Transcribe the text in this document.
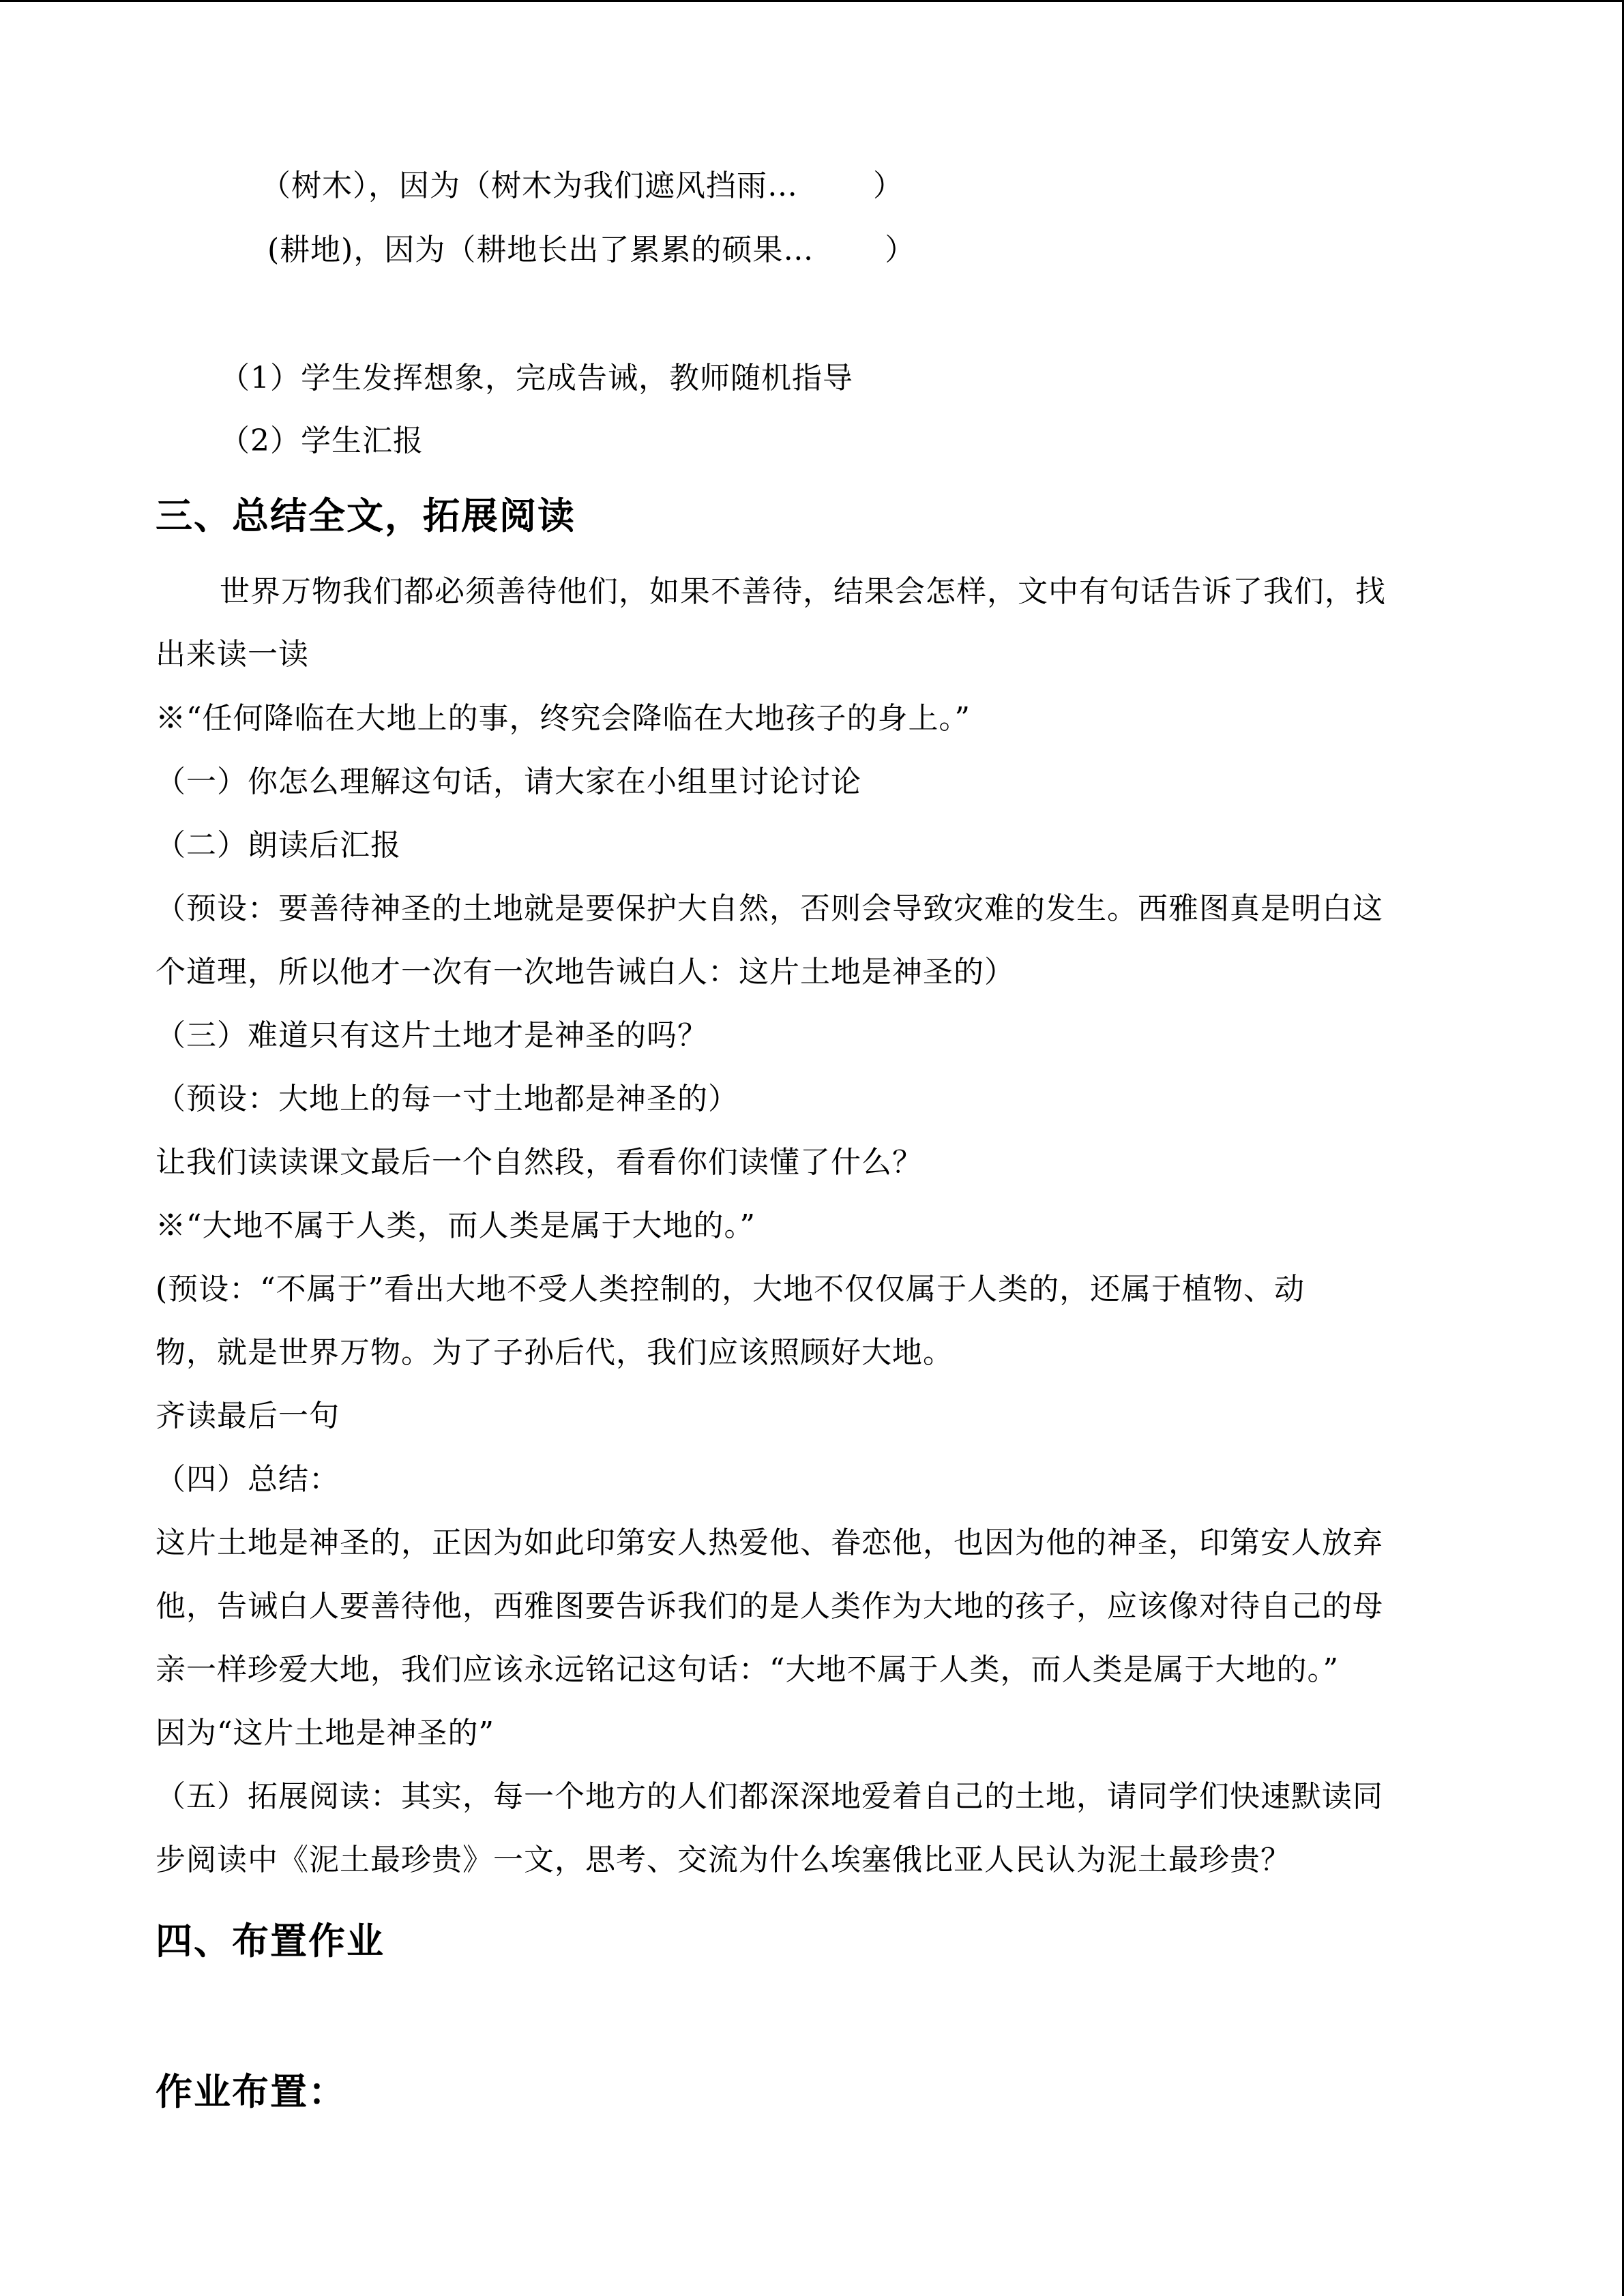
（树木），因为（树木为我们遮风挡雨…	）
(耕地)，因为（耕地长出了累累的硕果… ）
（1）学生发挥想象，完成告诫，教师随机指导
（2）学生汇报
三、总结全文，拓展阅读
世界万物我们都必须善待他们，如果不善待，结果会怎样，文中有句话告诉了我们，找
出来读一读
※“任何降临在大地上的事，终究会降临在大地孩子的身上。”
（一）你怎么理解这句话，请大家在小组里讨论讨论
（二）朗读后汇报
（预设：要善待神圣的土地就是要保护大自然，否则会导致灾难的发生。西雅图真是明白这
个道理，所以他才一次有一次地告诫白人：这片土地是神圣的）
（三）难道只有这片土地才是神圣的吗？
（预设：大地上的每一寸土地都是神圣的）
让我们读读课文最后一个自然段，看看你们读懂了什么？
※“大地不属于人类，而人类是属于大地的。”
(预设：“不属于”看出大地不受人类控制的，大地不仅仅属于人类的，还属于植物、动
物，就是世界万物。为了子孙后代，我们应该照顾好大地。
齐读最后一句
（四）总结：
这片土地是神圣的，正因为如此印第安人热爱他、眷恋他，也因为他的神圣，印第安人放弃
他，告诫白人要善待他，西雅图要告诉我们的是人类作为大地的孩子，应该像对待自己的母
亲一样珍爱大地，我们应该永远铭记这句话：“大地不属于人类，而人类是属于大地的。”
因为“这片土地是神圣的”
（五）拓展阅读：其实，每一个地方的人们都深深地爱着自己的土地，请同学们快速默读同
步阅读中《泥土最珍贵》一文，思考、交流为什么埃塞俄比亚人民认为泥土最珍贵？
四、布置作业
作业布置：
